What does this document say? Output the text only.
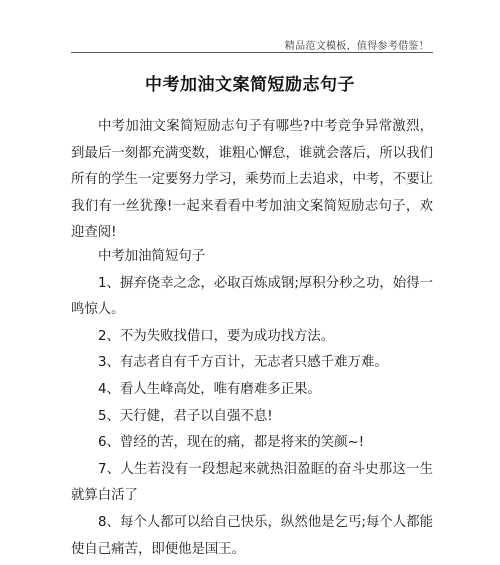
精品范文模板，值得参考借鉴！
中考加油文案简短励志句子
中考加油文案简短励志句子有哪些?中考竞争异常激烈，到最后一刻都充满变数，谁粗心懈怠，谁就会落后，所以我们所有的学生一定要努力学习，乘势而上去追求，中考，不要让我们有一丝犹豫!一起来看看中考加油文案简短励志句子，欢迎查阅!

中考加油简短句子

1、摒弃侥幸之念，必取百炼成钢;厚积分秒之功，始得一鸣惊人。

2、不为失败找借口，要为成功找方法。

3、有志者自有千方百计，无志者只感千难万难。

4、看人生峰高处，唯有磨难多正果。

5、天行健，君子以自强不息!

6、曾经的苦，现在的痛，都是将来的笑颜~!

7、人生若没有一段想起来就热泪盈眶的奋斗史那这一生就算白活了

8、每个人都可以给自己快乐，纵然他是乞丐;每个人都能使自己痛苦，即便他是国王。
